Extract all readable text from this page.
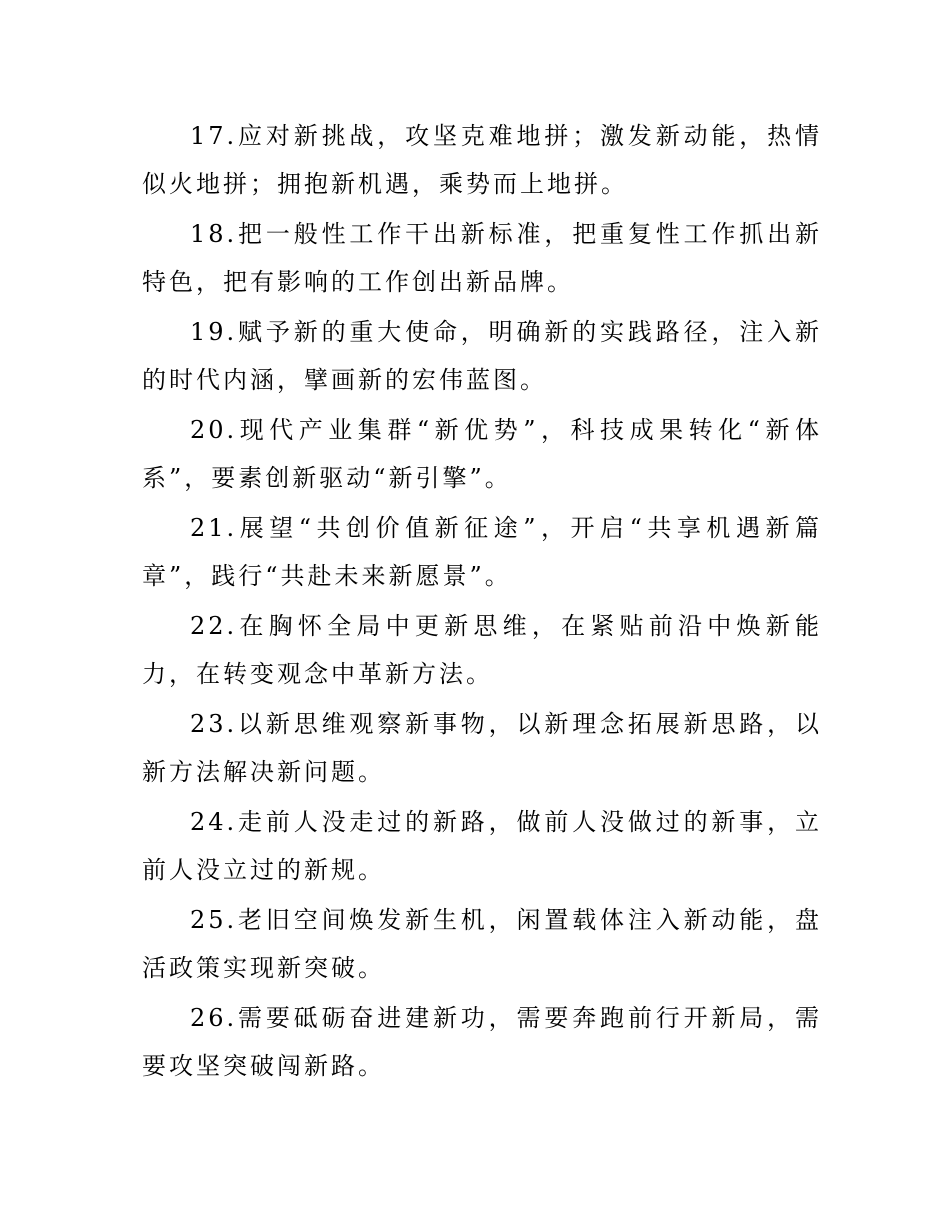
17.应对新挑战，攻坚克难地拼；激发新动能，热情似火地拼；拥抱新机遇，乘势而上地拼。

18.把一般性工作干出新标准，把重复性工作抓出新特色，把有影响的工作创出新品牌。

19.赋予新的重大使命，明确新的实践路径，注入新的时代内涵，擘画新的宏伟蓝图。

20.现代产业集群“新优势”，科技成果转化“新体系”，要素创新驱动“新引擎”。

21.展望“共创价值新征途”，开启“共享机遇新篇章”，践行“共赴未来新愿景”。

22.在胸怀全局中更新思维，在紧贴前沿中焕新能力，在转变观念中革新方法。

23.以新思维观察新事物，以新理念拓展新思路，以新方法解决新问题。

24.走前人没走过的新路，做前人没做过的新事，立前人没立过的新规。

25.老旧空间焕发新生机，闲置载体注入新动能，盘活政策实现新突破。

26.需要砥砺奋进建新功，需要奔跑前行开新局，需要攻坚突破闯新路。
